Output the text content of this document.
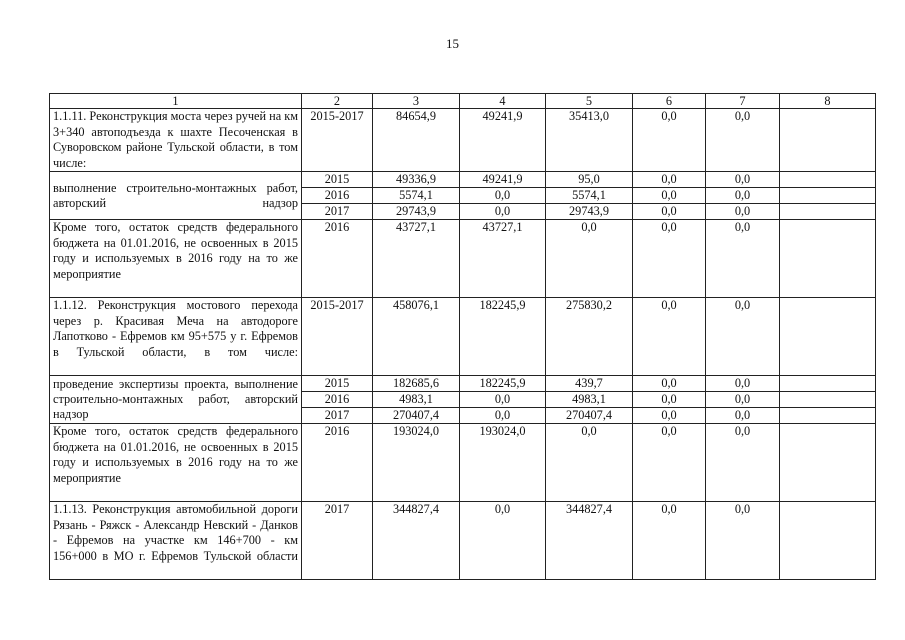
15
1	2	3	4	5	6	7	8
1.1.11. Реконструкция моста через ручей на км 3+340 автоподъезда к шахте Песоченская в Суворовском районе Тульской области, в том числе:	2015-2017	84654,9	49241,9	35413,0	0,0	0,0	
выполнение строительно-монтажных работ, авторский надзор	2015	49336,9	49241,9	95,0	0,0	0,0	
	2016	5574,1	0,0	5574,1	0,0	0,0	
	2017	29743,9	0,0	29743,9	0,0	0,0	
Кроме того, остаток средств федерального бюджета на 01.01.2016, не освоенных в 2015 году и используемых в 2016 году на то же мероприятие	2016	43727,1	43727,1	0,0	0,0	0,0	
1.1.12. Реконструкция мостового перехода через р. Красивая Меча на автодороге Лапотково - Ефремов км 95+575 у г. Ефремов в Тульской области, в том числе:	2015-2017	458076,1	182245,9	275830,2	0,0	0,0	
проведение экспертизы проекта, выполнение строительно-монтажных работ, авторский надзор	2015	182685,6	182245,9	439,7	0,0	0,0	
	2016	4983,1	0,0	4983,1	0,0	0,0	
	2017	270407,4	0,0	270407,4	0,0	0,0	
Кроме того, остаток средств федерального бюджета на 01.01.2016, не освоенных в 2015 году и используемых в 2016 году на то же мероприятие	2016	193024,0	193024,0	0,0	0,0	0,0	
1.1.13. Реконструкция автомобильной дороги Рязань - Ряжск - Александр Невский - Данков - Ефремов на участке км 146+700 - км 156+000 в МО г. Ефремов Тульской области	2017	344827,4	0,0	344827,4	0,0	0,0	
